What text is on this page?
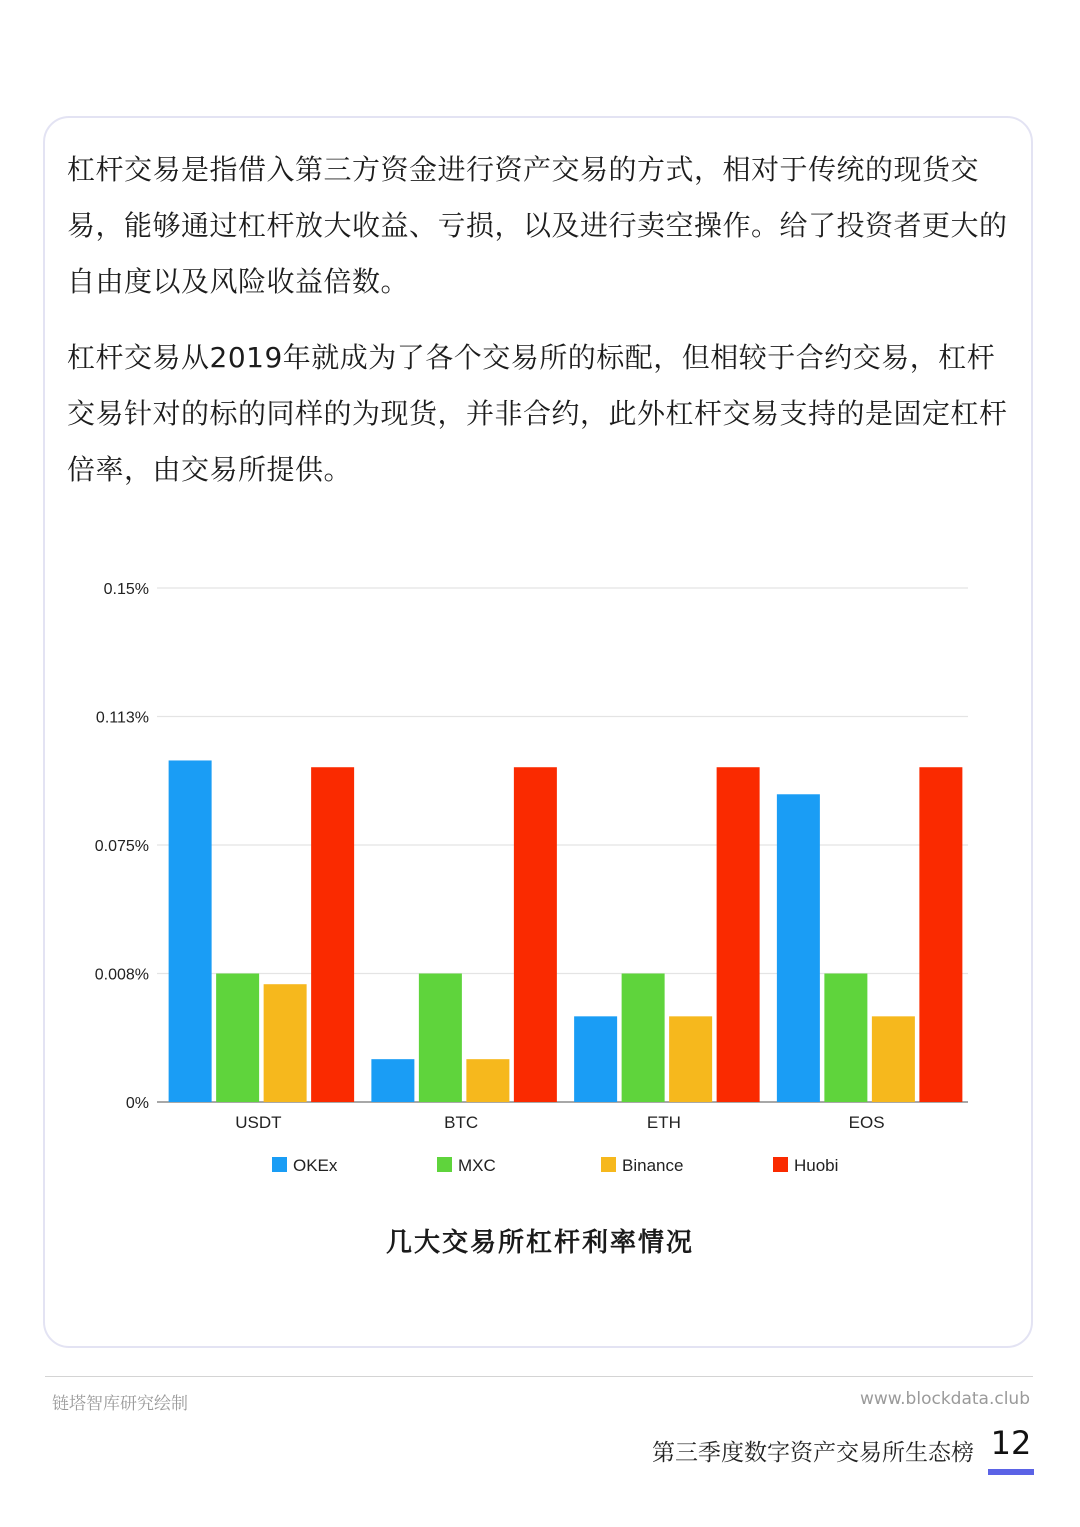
杠杆交易是指借入第三方资金进行资产交易的方式，相对于传统的现货交易，能够通过杠杆放大收益、亏损，以及进行卖空操作。给了投资者更大的自由度以及风险收益倍数。

杠杆交易从2019年就成为了各个交易所的标配，但相较于合约交易，杠杆交易针对的标的同样的为现货，并非合约，此外杠杆交易支持的是固定杠杆倍率，由交易所提供。

0%
0.008%
0.075%
0.113%
0.15%
USDT	BTC	ETH	EOS
OKEx	MXC	Binance	Huobi
几大交易所杠杆利率情况
链塔智库研究绘制	www.blockdata.club
第三季度数字资产交易所生态榜 12
